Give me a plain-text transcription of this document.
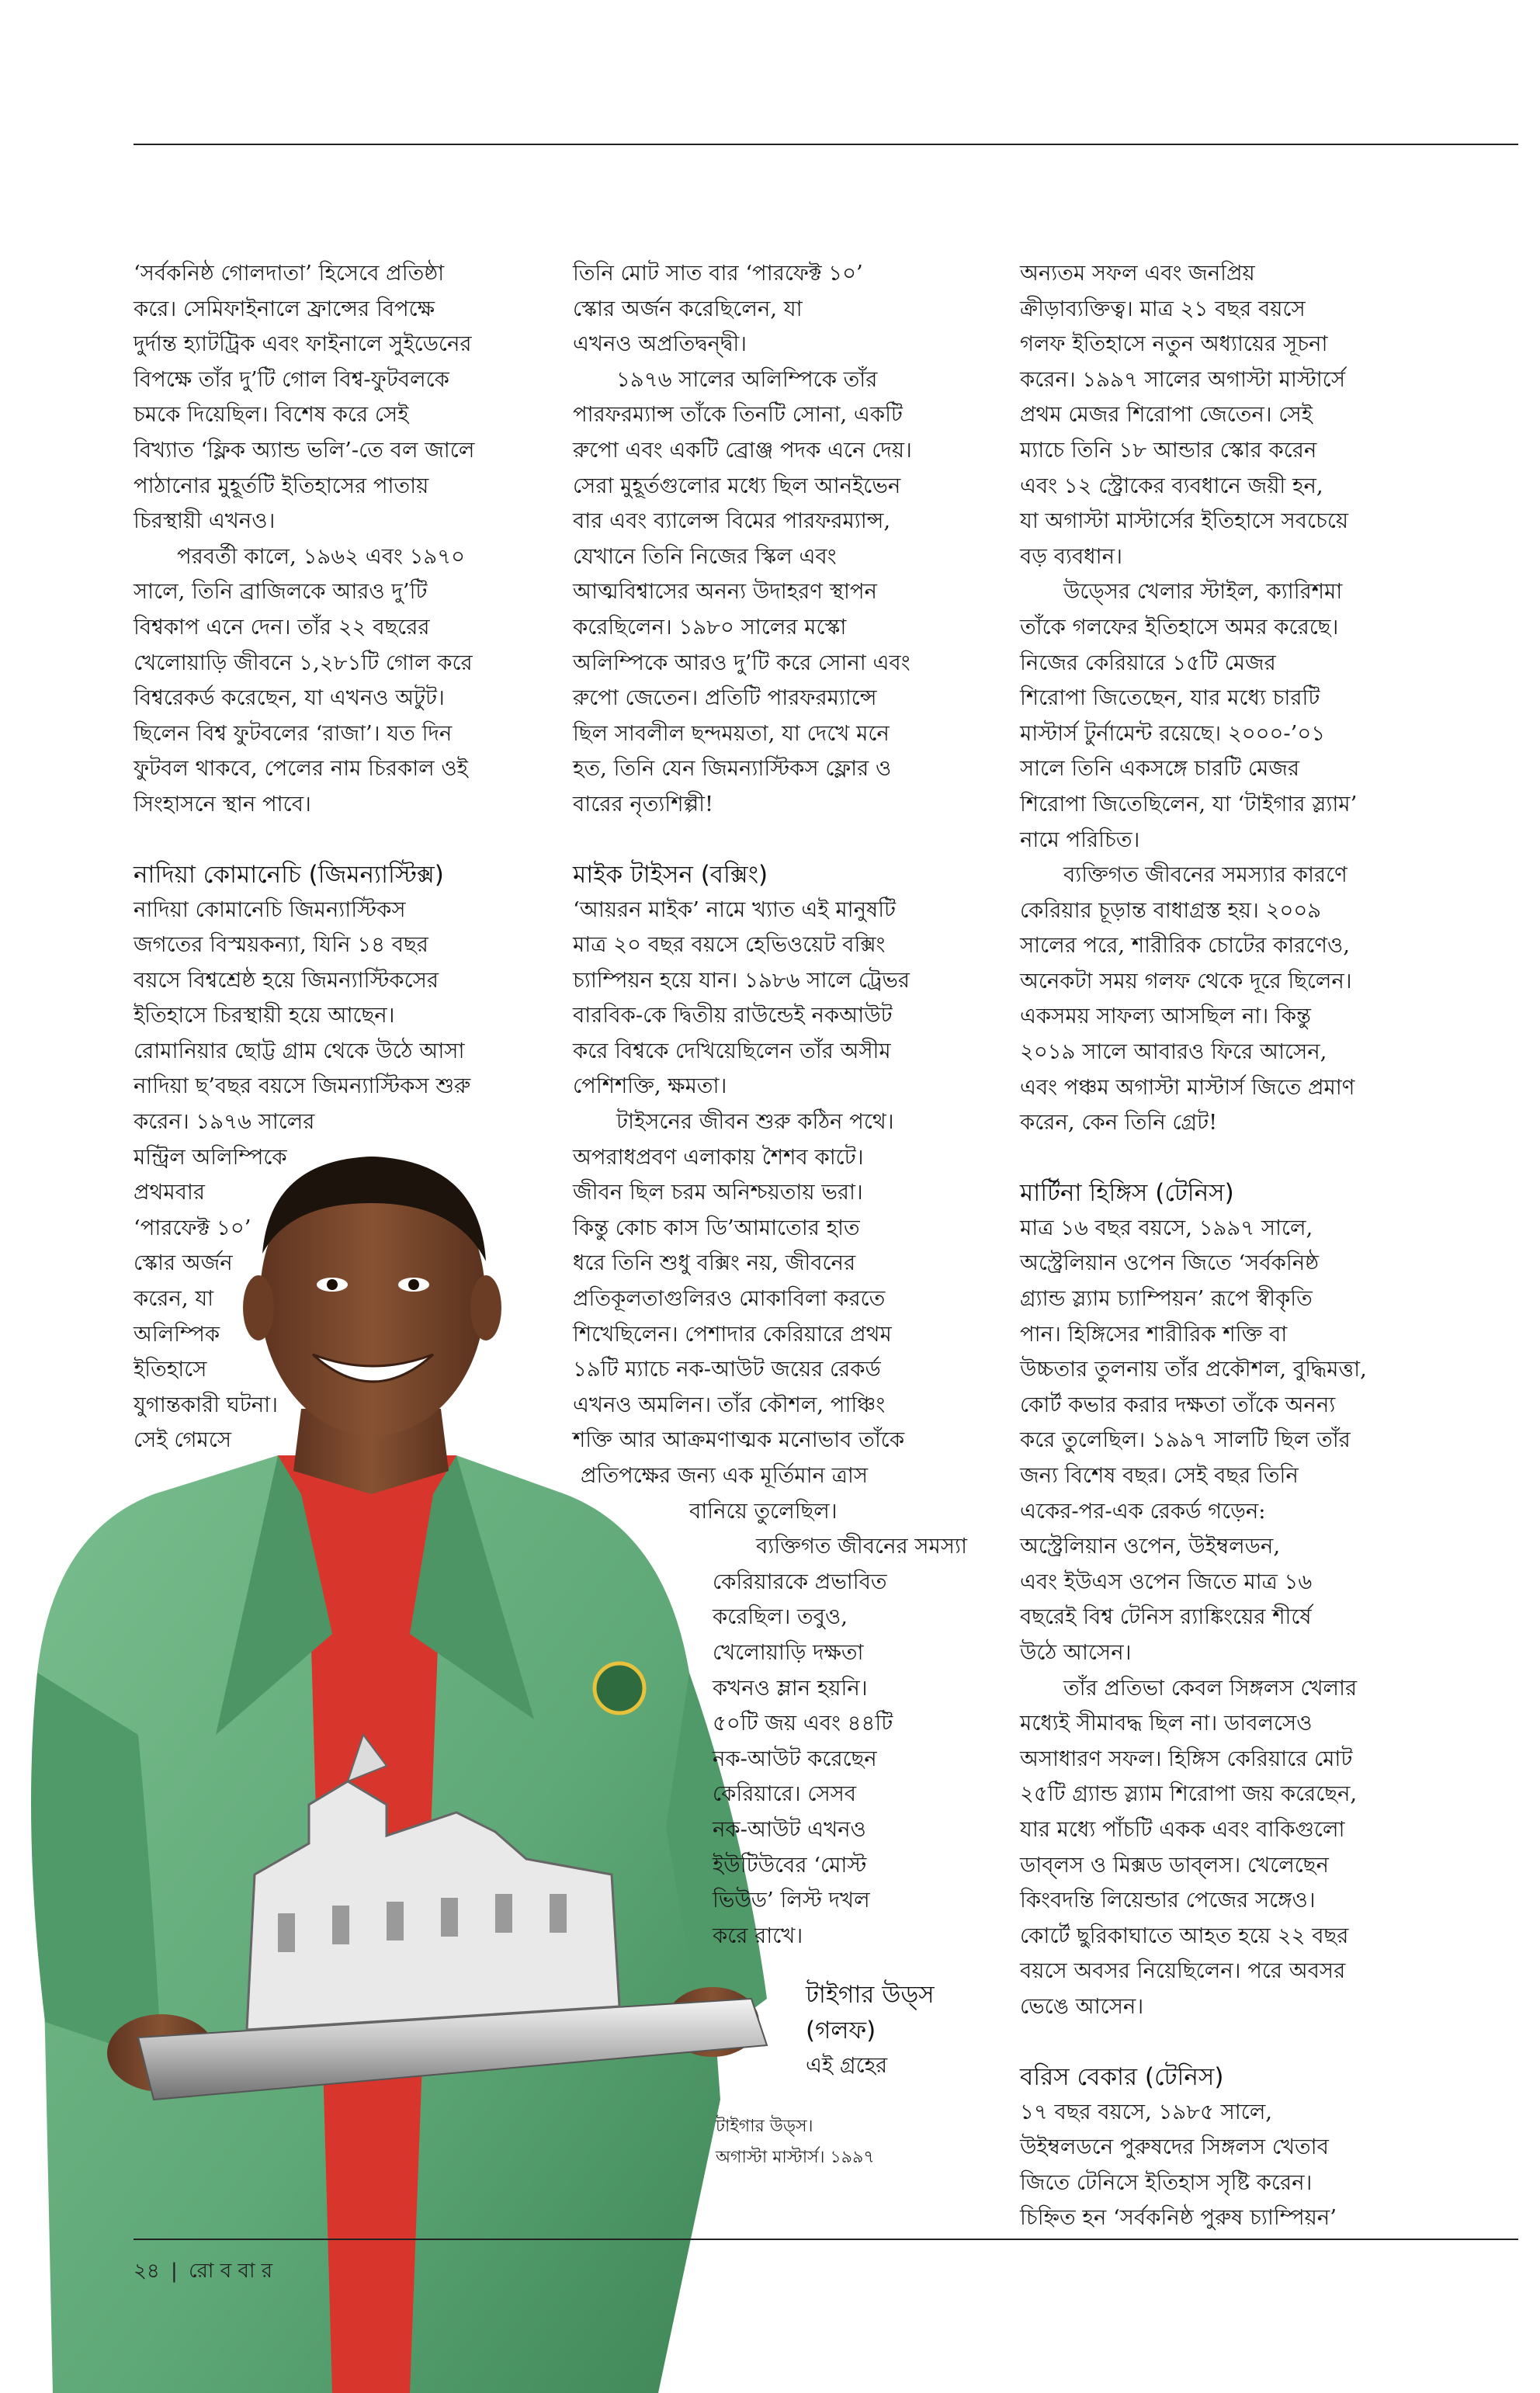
‘সর্বকনিষ্ঠ গোলদাতা’ হিসেবে প্রতিষ্ঠা
করে। সেমিফাইনালে ফ্রান্সের বিপক্ষে
দুর্দান্ত হ্যাটট্রিক এবং ফাইনালে সুইডেনের
বিপক্ষে তাঁর দু’টি গোল বিশ্ব-ফুটবলকে
চমকে দিয়েছিল। বিশেষ করে সেই
বিখ্যাত ‘ফ্লিক অ্যান্ড ভলি’-তে বল জালে
পাঠানোর মুহূর্তটি ইতিহাসের পাতায়
চিরস্থায়ী এখনও।
পরবর্তী কালে, ১৯৬২ এবং ১৯৭০
সালে, তিনি ব্রাজিলকে আরও দু’টি
বিশ্বকাপ এনে দেন। তাঁর ২২ বছরের
খেলোয়াড়ি জীবনে ১,২৮১টি গোল করে
বিশ্বরেকর্ড করেছেন, যা এখনও অটুট।
ছিলেন বিশ্ব ফুটবলের ‘রাজা’। যত দিন
ফুটবল থাকবে, পেলের নাম চিরকাল ওই
সিংহাসনে স্থান পাবে।
নাদিয়া কোমানেচি (জিমন্যাস্টিক্স)
নাদিয়া কোমানেচি জিমন্যাস্টিকস
জগতের বিস্ময়কন্যা, যিনি ১৪ বছর
বয়সে বিশ্বশ্রেষ্ঠ হয়ে জিমন্যাস্টিকসের
ইতিহাসে চিরস্থায়ী হয়ে আছেন।
রোমানিয়ার ছোট্ট গ্রাম থেকে উঠে আসা
নাদিয়া ছ’বছর বয়সে জিমন্যাস্টিকস শুরু
করেন। ১৯৭৬ সালের
মন্ট্রিল অলিম্পিকে
প্রথমবার
‘পারফেক্ট ১০’
স্কোর অর্জন
করেন, যা
অলিম্পিক
ইতিহাসে
যুগান্তকারী ঘটনা।
সেই গেমসে
তিনি মোট সাত বার ‘পারফেক্ট ১০’
স্কোর অর্জন করেছিলেন, যা
এখনও অপ্রতিদ্বন্দ্বী।
১৯৭৬ সালের অলিম্পিকে তাঁর
পারফরম্যান্স তাঁকে তিনটি সোনা, একটি
রুপো এবং একটি ব্রোঞ্জ পদক এনে দেয়।
সেরা মুহূর্তগুলোর মধ্যে ছিল আনইভেন
বার এবং ব্যালেন্স বিমের পারফরম্যান্স,
যেখানে তিনি নিজের স্কিল এবং
আত্মবিশ্বাসের অনন্য উদাহরণ স্থাপন
করেছিলেন। ১৯৮০ সালের মস্কো
অলিম্পিকে আরও দু’টি করে সোনা এবং
রুপো জেতেন। প্রতিটি পারফরম্যান্সে
ছিল সাবলীল ছন্দময়তা, যা দেখে মনে
হত, তিনি যেন জিমন্যাস্টিকস ফ্লোর ও
বারের নৃত্যশিল্পী!
মাইক টাইসন (বক্সিং)
‘আয়রন মাইক’ নামে খ্যাত এই মানুষটি
মাত্র ২০ বছর বয়সে হেভিওয়েট বক্সিং
চ্যাম্পিয়ন হয়ে যান। ১৯৮৬ সালে ট্রেভর
বারবিক-কে দ্বিতীয় রাউন্ডেই নকআউট
করে বিশ্বকে দেখিয়েছিলেন তাঁর অসীম
পেশিশক্তি, ক্ষমতা।
টাইসনের জীবন শুরু কঠিন পথে।
অপরাধপ্রবণ এলাকায় শৈশব কাটে।
জীবন ছিল চরম অনিশ্চয়তায় ভরা।
কিন্তু কোচ কাস ডি’আমাতোর হাত
ধরে তিনি শুধু বক্সিং নয়, জীবনের
প্রতিকূলতাগুলিরও মোকাবিলা করতে
শিখেছিলেন। পেশাদার কেরিয়ারে প্রথম
১৯টি ম্যাচে নক-আউট জয়ের রেকর্ড
এখনও অমলিন। তাঁর কৌশল, পাঞ্চিং
শক্তি আর আক্রমণাত্মক মনোভাব তাঁকে
প্রতিপক্ষের জন্য এক মূর্তিমান ত্রাস
বানিয়ে তুলেছিল।
ব্যক্তিগত জীবনের সমস্যা
কেরিয়ারকে প্রভাবিত
করেছিল। তবুও,
খেলোয়াড়ি দক্ষতা
কখনও ম্লান হয়নি।
৫০টি জয় এবং ৪৪টি
নক-আউট করেছেন
কেরিয়ারে। সেসব
নক-আউট এখনও
ইউটিউবের ‘মোস্ট
ভিউড’ লিস্ট দখল
করে রাখে।
টাইগার উড্স
(গলফ)
এই গ্রহের
অন্যতম সফল এবং জনপ্রিয়
ক্রীড়াব্যক্তিত্ব। মাত্র ২১ বছর বয়সে
গলফ ইতিহাসে নতুন অধ্যায়ের সূচনা
করেন। ১৯৯৭ সালের অগাস্টা মাস্টার্সে
প্রথম মেজর শিরোপা জেতেন। সেই
ম্যাচে তিনি ১৮ আন্ডার স্কোর করেন
এবং ১২ স্ট্রোকের ব্যবধানে জয়ী হন,
যা অগাস্টা মাস্টার্সের ইতিহাসে সবচেয়ে
বড় ব্যবধান।
উড্সের খেলার স্টাইল, ক্যারিশমা
তাঁকে গলফের ইতিহাসে অমর করেছে।
নিজের কেরিয়ারে ১৫টি মেজর
শিরোপা জিতেছেন, যার মধ্যে চারটি
মাস্টার্স টুর্নামেন্ট রয়েছে। ২০০০-’০১
সালে তিনি একসঙ্গে চারটি মেজর
শিরোপা জিতেছিলেন, যা ‘টাইগার স্ল্যাম’
নামে পরিচিত।
ব্যক্তিগত জীবনের সমস্যার কারণে
কেরিয়ার চূড়ান্ত বাধাগ্রস্ত হয়। ২০০৯
সালের পরে, শারীরিক চোটের কারণেও,
অনেকটা সময় গলফ থেকে দূরে ছিলেন।
একসময় সাফল্য আসছিল না। কিন্তু
২০১৯ সালে আবারও ফিরে আসেন,
এবং পঞ্চম অগাস্টা মাস্টার্স জিতে প্রমাণ
করেন, কেন তিনি গ্রেট!
মার্টিনা হিঙ্গিস (টেনিস)
মাত্র ১৬ বছর বয়সে, ১৯৯৭ সালে,
অস্ট্রেলিয়ান ওপেন জিতে ‘সর্বকনিষ্ঠ
গ্র্যান্ড স্ল্যাম চ্যাম্পিয়ন’ রূপে স্বীকৃতি
পান। হিঙ্গিসের শারীরিক শক্তি বা
উচ্চতার তুলনায় তাঁর প্রকৌশল, বুদ্ধিমত্তা,
কোর্ট কভার করার দক্ষতা তাঁকে অনন্য
করে তুলেছিল। ১৯৯৭ সালটি ছিল তাঁর
জন্য বিশেষ বছর। সেই বছর তিনি
একের-পর-এক রেকর্ড গড়েন:
অস্ট্রেলিয়ান ওপেন, উইম্বলডন,
এবং ইউএস ওপেন জিতে মাত্র ১৬
বছরেই বিশ্ব টেনিস র‍্যাঙ্কিংয়ের শীর্ষে
উঠে আসেন।
তাঁর প্রতিভা কেবল সিঙ্গলস খেলার
মধ্যেই সীমাবদ্ধ ছিল না। ডাবলসেও
অসাধারণ সফল। হিঙ্গিস কেরিয়ারে মোট
২৫টি গ্র্যান্ড স্ল্যাম শিরোপা জয় করেছেন,
যার মধ্যে পাঁচটি একক এবং বাকিগুলো
ডাব্‌লস ও মিক্সড ডাব্‌লস। খেলেছেন
কিংবদন্তি লিয়েন্ডার পেজের সঙ্গেও।
কোর্টে ছুরিকাঘাতে আহত হয়ে ২২ বছর
বয়সে অবসর নিয়েছিলেন। পরে অবসর
ভেঙে আসেন।
বরিস বেকার (টেনিস)
১৭ বছর বয়সে, ১৯৮৫ সালে,
উইম্বলডনে পুরুষদের সিঙ্গলস খেতাব
জিতে টেনিসে ইতিহাস সৃষ্টি করেন।
চিহ্নিত হন ‘সর্বকনিষ্ঠ পুরুষ চ্যাম্পিয়ন’
টাইগার উড্স।
অগাস্টা মাস্টার্স। ১৯৯৭
২৪ | রো ব বা র
